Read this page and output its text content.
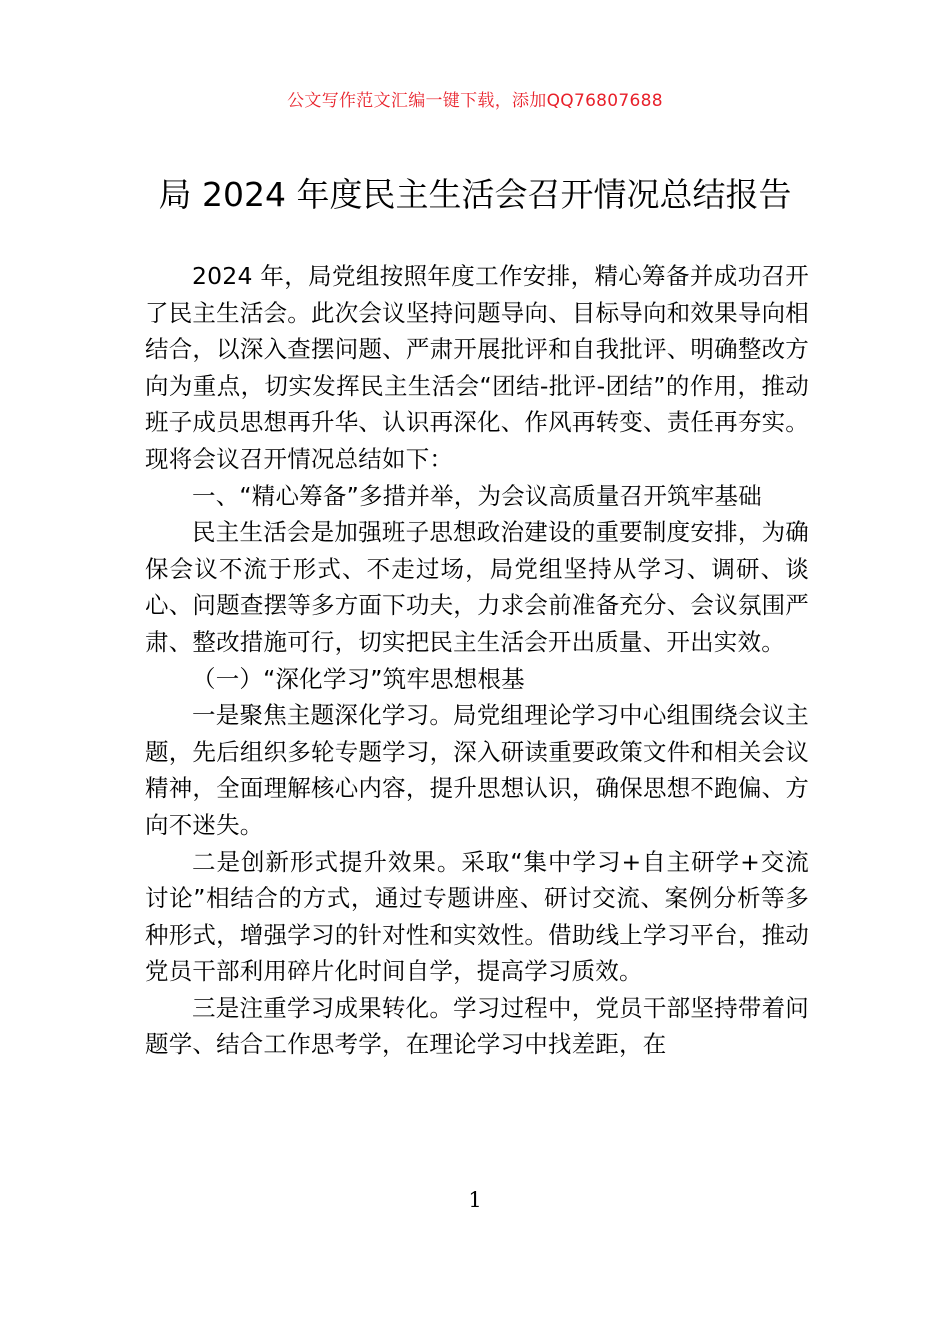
公文写作范文汇编一键下载，添加QQ76807688
局 2024 年度民主生活会召开情况总结报告

2024 年，局党组按照年度工作安排，精心筹备并成功召开了民主生活会。此次会议坚持问题导向、目标导向和效果导向相结合，以深入查摆问题、严肃开展批评和自我批评、明确整改方向为重点，切实发挥民主生活会“团结-批评-团结”的作用，推动班子成员思想再升华、认识再深化、作风再转变、责任再夯实。现将会议召开情况总结如下：

一、“精心筹备”多措并举，为会议高质量召开筑牢基础

民主生活会是加强班子思想政治建设的重要制度安排，为确保会议不流于形式、不走过场，局党组坚持从学习、调研、谈心、问题查摆等多方面下功夫，力求会前准备充分、会议氛围严肃、整改措施可行，切实把民主生活会开出质量、开出实效。

（一）“深化学习”筑牢思想根基

一是聚焦主题深化学习。局党组理论学习中心组围绕会议主题，先后组织多轮专题学习，深入研读重要政策文件和相关会议精神，全面理解核心内容，提升思想认识，确保思想不跑偏、方向不迷失。

二是创新形式提升效果。采取“集中学习+自主研学+交流讨论”相结合的方式，通过专题讲座、研讨交流、案例分析等多种形式，增强学习的针对性和实效性。借助线上学习平台，推动党员干部利用碎片化时间自学，提高学习质效。

三是注重学习成果转化。学习过程中，党员干部坚持带着问题学、结合工作思考学，在理论学习中找差距，在

1
